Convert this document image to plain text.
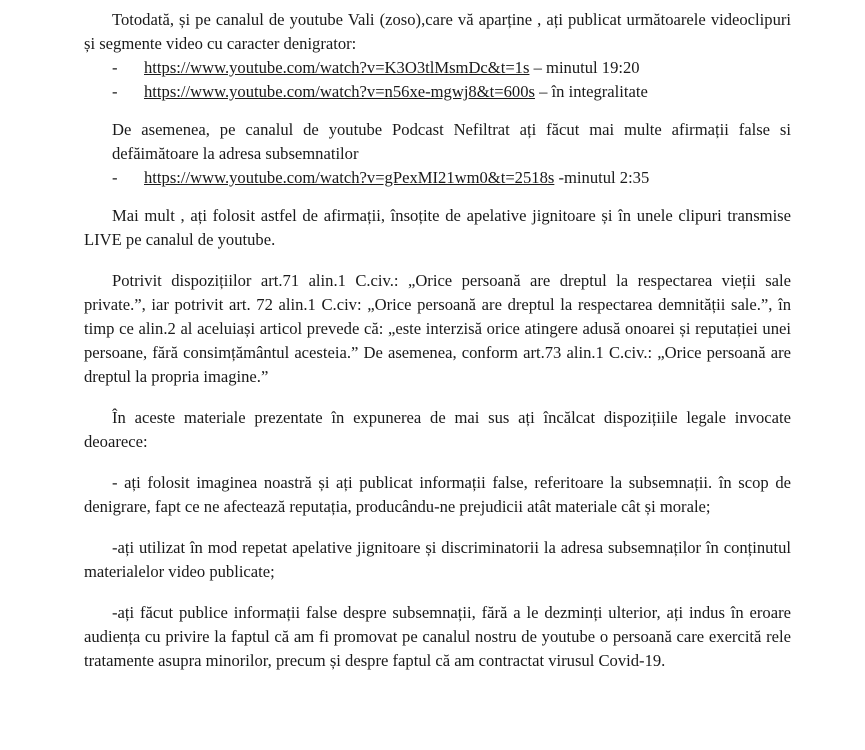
Totodată, și pe canalul de youtube Vali (zoso),care vă aparține , ați publicat următoarele videoclipuri și segmente video cu caracter denigrator:

- https://www.youtube.com/watch?v=K3O3tlMsmDc&t=1s – minutul 19:20
- https://www.youtube.com/watch?v=n56xe-mgwj8&t=600s – în integralitate

De asemenea, pe canalul de youtube Podcast Nefiltrat ați făcut mai multe afirmații false si defăimătoare la adresa subsemnatilor

- https://www.youtube.com/watch?v=gPexMI21wm0&t=2518s -minutul 2:35

Mai mult , ați folosit astfel de afirmații, însoțite de apelative jignitoare și în unele clipuri transmise LIVE pe canalul de youtube.

Potrivit dispozițiilor art.71 alin.1 C.civ.: „Orice persoană are dreptul la respectarea vieții sale private.”, iar potrivit art. 72 alin.1 C.civ: „Orice persoană are dreptul la respectarea demnității sale.”, în timp ce alin.2 al aceluiași articol prevede că: „este interzisă orice atingere adusă onoarei și reputației unei persoane, fără consimțământul acesteia.” De asemenea, conform art.73 alin.1 C.civ.: „Orice persoană are dreptul la propria imagine.”

În aceste materiale prezentate în expunerea de mai sus ați încălcat dispozițiile legale invocate deoarece:

- ați folosit imaginea noastră și ați publicat informații false, referitoare la subsemnații. în scop de denigrare, fapt ce ne afectează reputația, producându-ne prejudicii atât materiale cât și morale;

-ați utilizat în mod repetat apelative jignitoare și discriminatorii la adresa subsemnaților în conținutul materialelor video publicate;

-ați făcut publice informații false despre subsemnații, fără a le dezminți ulterior, ați indus în eroare audiența cu privire la faptul că am fi promovat pe canalul nostru de youtube o persoană care exercită rele tratamente asupra minorilor, precum și despre faptul că am contractat virusul Covid-19.
